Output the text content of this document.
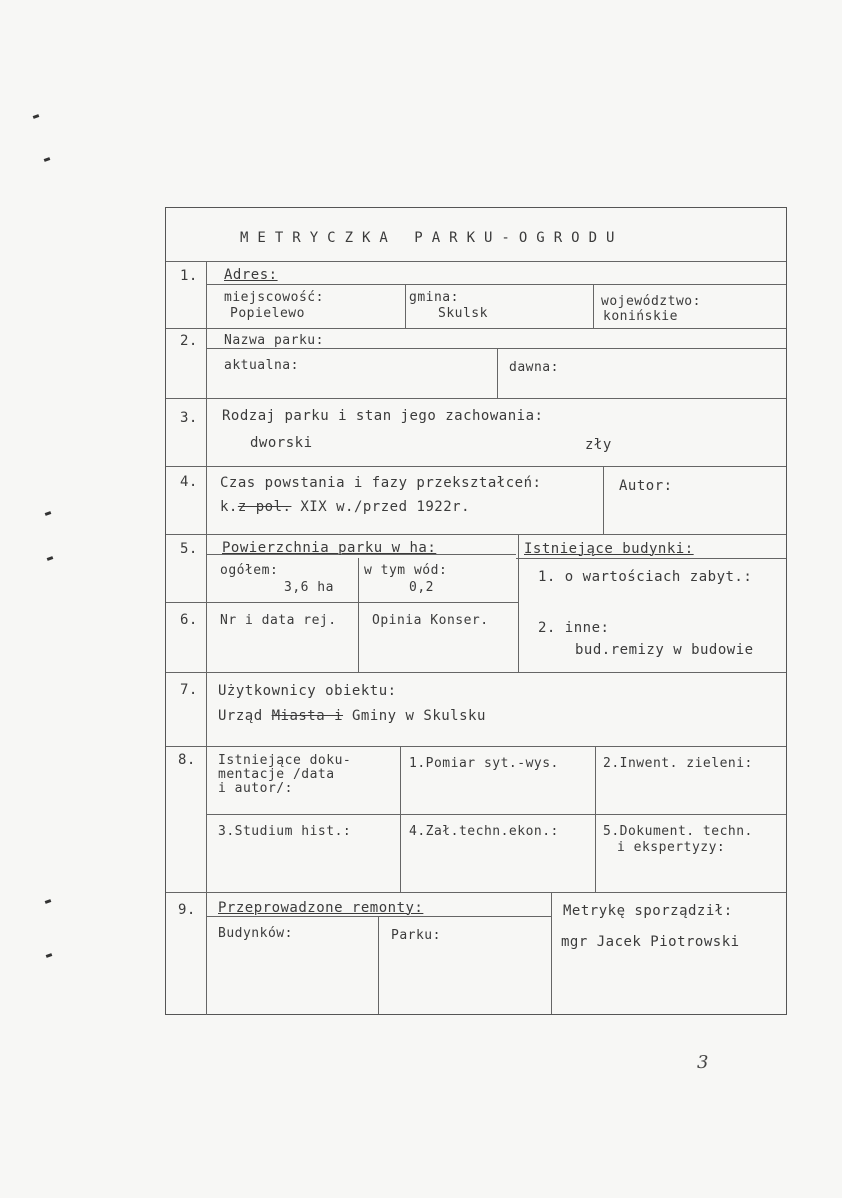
METRYCZKA PARKU-OGRODU
1. Adres:
miejscowość:
Popielewo
gmina:
Skulsk
województwo:
konińskie
2. Nazwa parku:
aktualna:	dawna:
3. Rodzaj parku i stan jego zachowania:
dworski	zły
4. Czas powstania i fazy przekształceń:	Autor:
k.z pol. XIX w./przed 1922r.
5. Powierzchnia parku w ha:
ogółem:
3,6 ha
w tym wód:
0,2
Istniejące budynki:
1. o wartościach zabyt.:
2. inne:
bud.remizy w budowie
6. Nr i data rej.	Opinia Konser.
7. Użytkownicy obiektu:
Urząd Miasta i Gminy w Skulsku
8. Istniejące doku-
mentacje /data
i autor/:
1.Pomiar syt.-wys.	2.Inwent. zieleni:
3.Studium hist.:	4.Zał.techn.ekon.:	5.Dokument. techn.
i ekspertyzy:
9. Przeprowadzone remonty:
Budynków:	Parku:
Metrykę sporządził:
mgr Jacek Piotrowski
3
